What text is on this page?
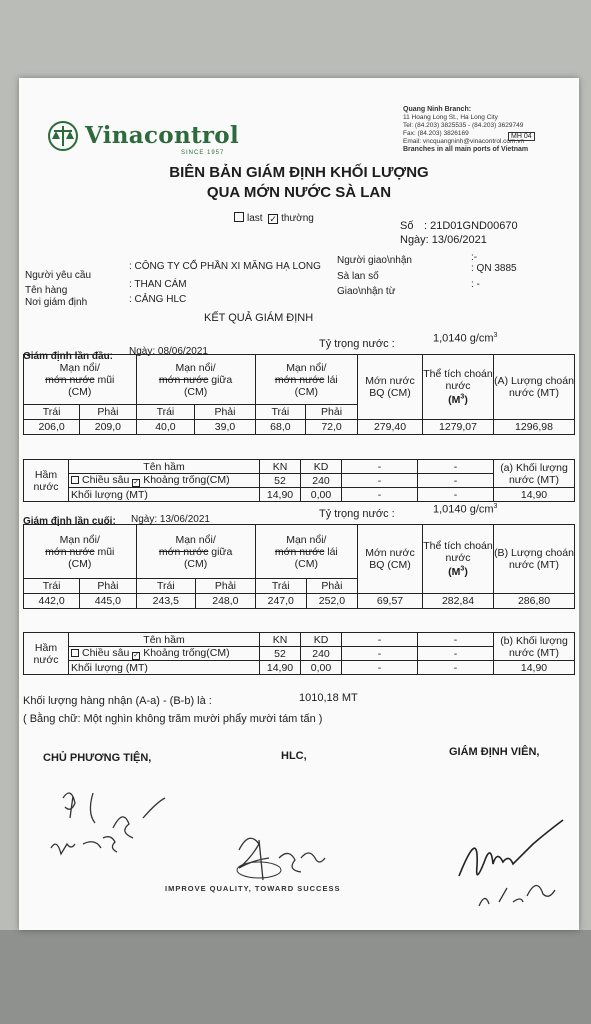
Vinacontrol
SINCE 1957
Quang Ninh Branch:
11 Hoang Long St., Ha Long City
Tel: (84.203) 3825535 - (84.203) 3629749
Fax: (84.203) 3826169
Email: vncquangninh@vinacontrol.com.vn
Branches in all main ports of Vietnam
MH 04
BIÊN BẢN GIÁM ĐỊNH KHỐI LƯỢNG
QUA MỚN NƯỚC SÀ LAN
last ✓ thường
Số : 21D01GND00670
Ngày: 13/06/2021
Người yêu cầu
: CÔNG TY CỔ PHẦN XI MĂNG HẠ LONG
Tên hàng
: THAN CÁM
Nơi giám định	: CẢNG HLC
Người giao\nhận	:-
Sà lan số
: QN 3885
Giao\nhận từ
: -
KẾT QUẢ GIÁM ĐỊNH
Tỷ trọng nước :	1,0140 $g/cm^3$
Giám định lần đầu: Ngày: 08/06/2021
Mạn nổi/
mớn nước mũi
(CM)		Mạn nổi/
mớn nước giữa
(CM)		Mạn nổi/
mớn nước lái
(CM)		Mớn nước BQ (CM)	Thể tích choán nước
$(M^3)$	(A) Lượng choán nước (MT)
Trái	Phải	Trái	Phải	Trái	Phải			
206,0	209,0	40,0	39,0	68,0	72,0	279,40	1279,07	1296,98
Hầm nước	Tên hầm	KN	KD	-	-	(a) Khối lượng nước (MT)
	Chiều sâu ✓ Khoảng trống(CM)	52	240	-	-	
	Khối lượng (MT)	14,90	0,00	-	-	14,90
Giám định lần cuối: Ngày: 13/06/2021	Tỷ trọng nước :	1,0140 $g/cm^3$
Mạn nổi/
mớn nước mũi
(CM)		Mạn nổi/
mớn nước giữa
(CM)		Mạn nổi/
mớn nước lái
(CM)		Mớn nước BQ (CM)	Thể tích choán nước
$(M^3)$	(B) Lượng choán nước (MT)
Trái	Phải	Trái	Phải	Trái	Phải			
442,0	445,0	243,5	248,0	247,0	252,0	69,57	282,84	286,80
Hầm nước	Tên hầm	KN	KD	-	-	(b) Khối lượng nước (MT)
	Chiều sâu ✓ Khoảng trống(CM)	52	240	-	-	
	Khối lượng (MT)	14,90	0,00	-	-	14,90
Khối lượng hàng nhận (A-a) - (B-b) là :	1010,18 MT
( Bằng chữ: Một nghìn không trăm mười phẩy mười tám tấn )
CHỦ PHƯƠNG TIỆN,	HLC,	GIÁM ĐỊNH VIÊN,
IMPROVE QUALITY, TOWARD SUCCESS
